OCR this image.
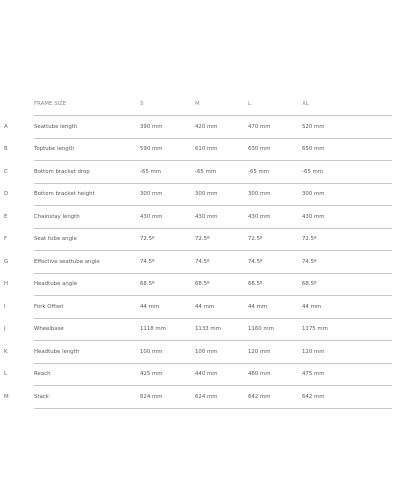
	FRAME SIZE	S	M	L	XL
A	Seattube length	390 mm	420 mm	470 mm	520 mm
B	Toptube length	590 mm	610 mm	630 mm	650 mm
C	Bottom bracket drop	-65 mm	-65 mm	-65 mm	-65 mm
D	Bottom bracket height	300 mm	300 mm	300 mm	300 mm
E	Chainstay length	430 mm	430 mm	430 mm	430 mm
F	Seat tube angle	72.5º	72.5º	72.5º	72.5º
G	Effective seattube angle	74.5º	74.5º	74.5º	74.5º
H	Headtube angle	68.5º	68.5º	68.5º	68.5º
I	Fork Offset	44 mm	44 mm	44 mm	44 mm
J	Wheelbase	1118 mm	1133 mm	1160 mm	1175 mm
K	Headtube length	100 mm	100 mm	120 mm	120 mm
L	Reach	425 mm	440 mm	460 mm	475 mm
M	Stack	624 mm	624 mm	642 mm	642 mm
